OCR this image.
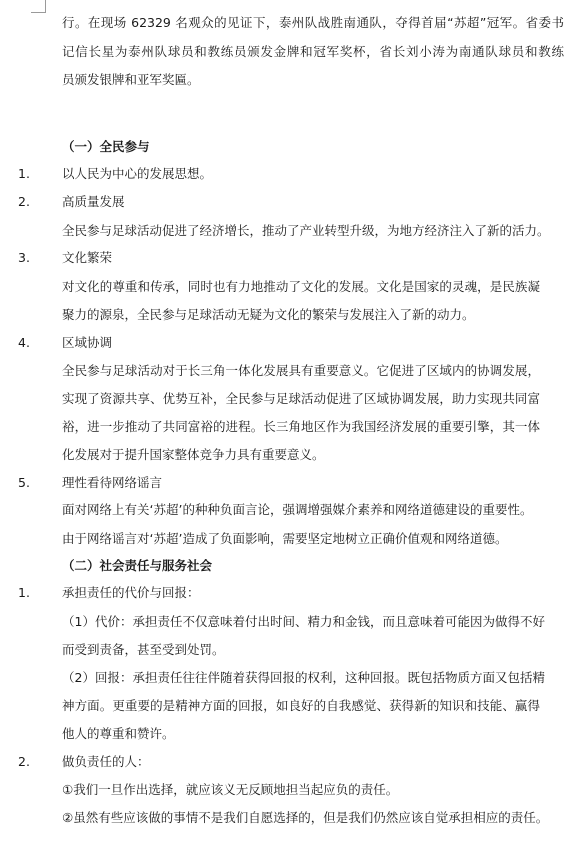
行。在现场 62329 名观众的见证下，泰州队战胜南通队，夺得首届“苏超”冠军。省委书
记信长星为泰州队球员和教练员颁发金牌和冠军奖杯，省长刘小涛为南通队球员和教练
员颁发银牌和亚军奖匾。
（一）全民参与
1.	以人民为中心的发展思想。
2.	高质量发展
全民参与足球活动促进了经济增长，推动了产业转型升级，为地方经济注入了新的活力。
3.	文化繁荣
对文化的尊重和传承，同时也有力地推动了文化的发展。文化是国家的灵魂，是民族凝
聚力的源泉，全民参与足球活动无疑为文化的繁荣与发展注入了新的动力。
4.	区域协调
全民参与足球活动对于长三角一体化发展具有重要意义。它促进了区域内的协调发展，
实现了资源共享、优势互补，全民参与足球活动促进了区域协调发展，助力实现共同富
裕，进一步推动了共同富裕的进程。长三角地区作为我国经济发展的重要引擎，其一体
化发展对于提升国家整体竞争力具有重要意义。
5.	理性看待网络谣言
面对网络上有关‘苏超’的种种负面言论，强调增强媒介素养和网络道德建设的重要性。
由于网络谣言对‘苏超’造成了负面影响，需要坚定地树立正确价值观和网络道德。
（二）社会责任与服务社会
1.	承担责任的代价与回报：
（1）代价：承担责任不仅意味着付出时间、精力和金钱，而且意味着可能因为做得不好
而受到责备，甚至受到处罚。
（2）回报：承担责任往往伴随着获得回报的权利，这种回报。既包括物质方面又包括精
神方面。更重要的是精神方面的回报，如良好的自我感觉、获得新的知识和技能、赢得
他人的尊重和赞许。
2.	做负责任的人：
①我们一旦作出选择，就应该义无反顾地担当起应负的责任。
②虽然有些应该做的事情不是我们自愿选择的，但是我们仍然应该自觉承担相应的责任。
